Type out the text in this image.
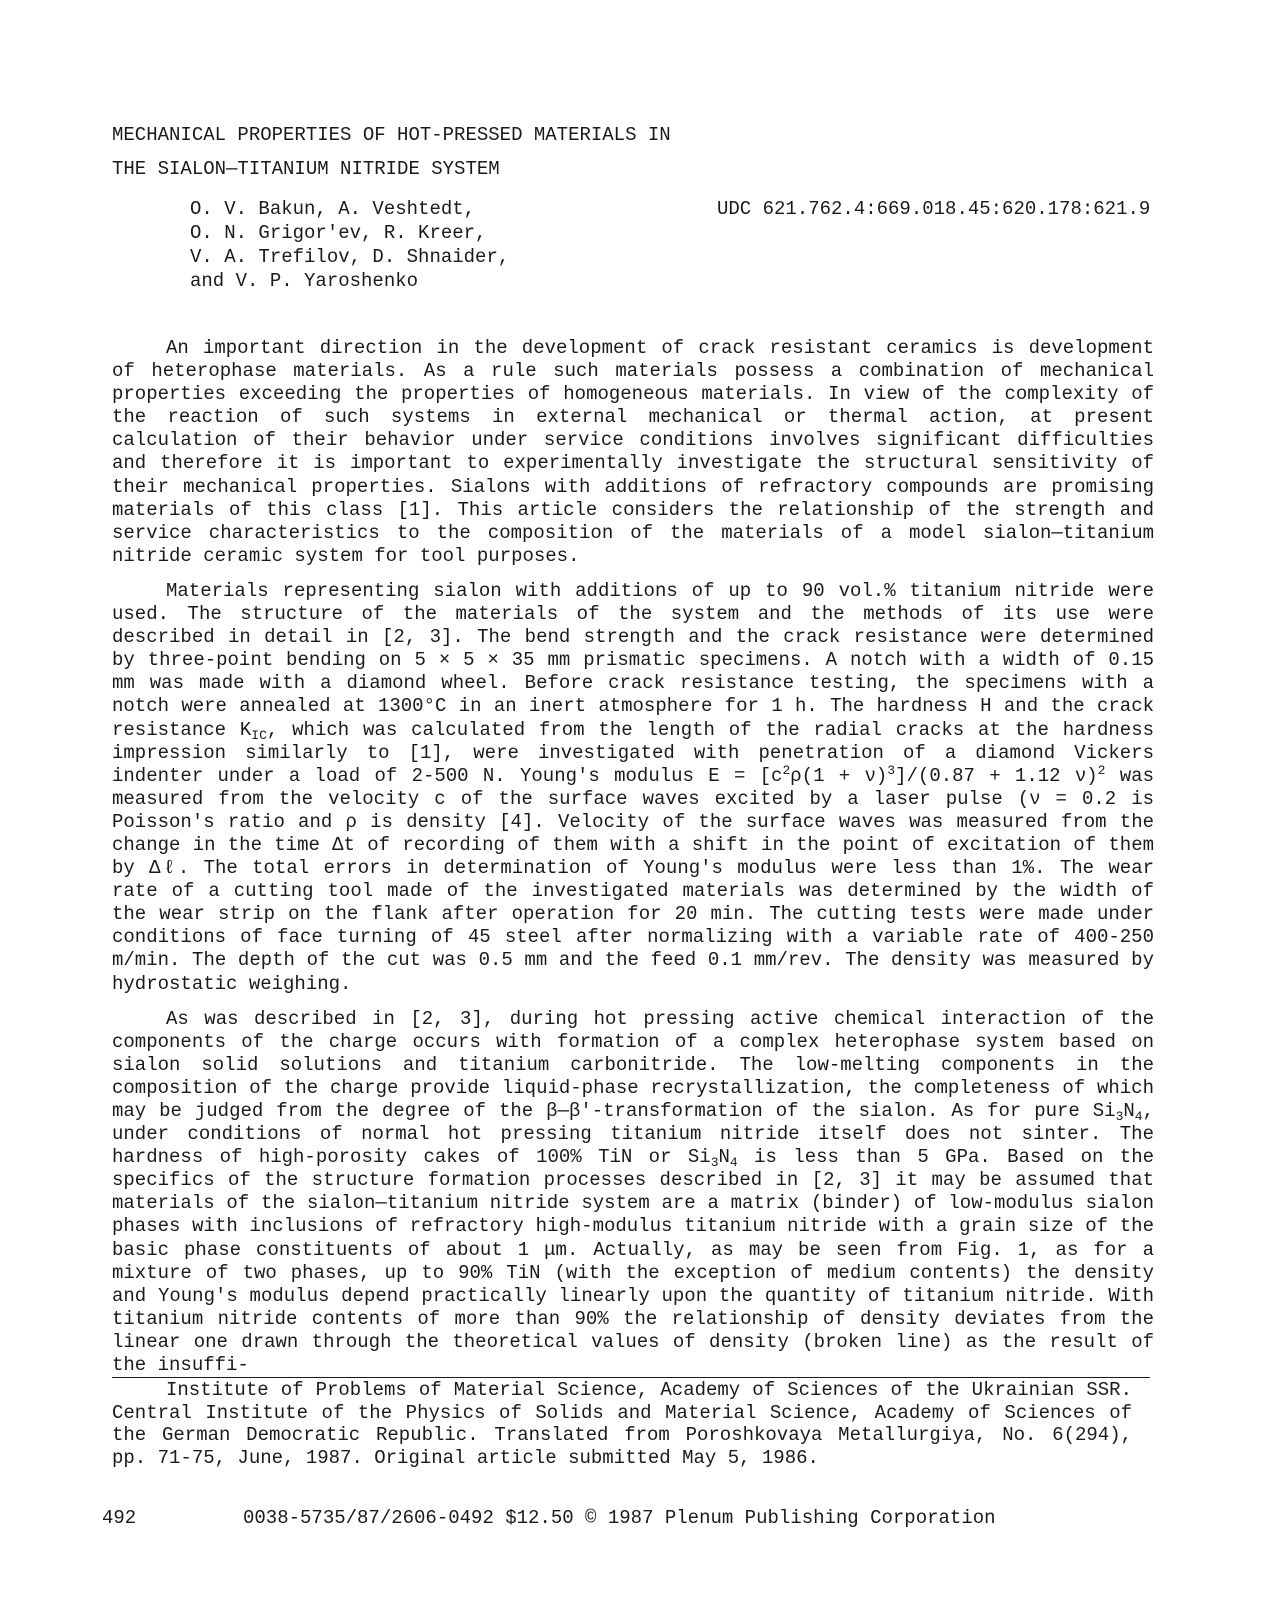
MECHANICAL PROPERTIES OF HOT-PRESSED MATERIALS IN
THE SIALON—TITANIUM NITRIDE SYSTEM
O. V. Bakun, A. Veshtedt,
O. N. Grigor'ev, R. Kreer,
V. A. Trefilov, D. Shnaider,
and V. P. Yaroshenko
UDC 621.762.4:669.018.45:620.178:621.9

An important direction in the development of crack resistant ceramics is development of heterophase materials. As a rule such materials possess a combination of mechanical properties exceeding the properties of homogeneous materials. In view of the complexity of the reaction of such systems in external mechanical or thermal action, at present calculation of their behavior under service conditions involves significant difficulties and therefore it is important to experimentally investigate the structural sensitivity of their mechanical properties. Sialons with additions of refractory compounds are promising materials of this class [1]. This article considers the relationship of the strength and service characteristics to the composition of the materials of a model sialon—titanium nitride ceramic system for tool purposes.

Materials representing sialon with additions of up to 90 vol.% titanium nitride were used. The structure of the materials of the system and the methods of its use were described in detail in [2, 3]. The bend strength and the crack resistance were determined by three-point bending on 5 × 5 × 35 mm prismatic specimens. A notch with a width of 0.15 mm was made with a diamond wheel. Before crack resistance testing, the specimens with a notch were annealed at 1300°C in an inert atmosphere for 1 h. The hardness H and the crack resistance $K_{IC}$, which was calculated from the length of the radial cracks at the hardness impression similarly to [1], were investigated with penetration of a diamond Vickers indenter under a load of 2-500 N. Young's modulus $E = [c^2\rho(1 + \nu)^3]/(0.87 + 1.12$ ν)$^2$ was measured from the velocity c of the surface waves excited by a laser pulse (ν = 0.2 is Poisson's ratio and ρ is density [4]. Velocity of the surface waves was measured from the change in the time Δt of recording of them with a shift in the point of excitation of them by Δℓ. The total errors in determination of Young's modulus were less than 1%. The wear rate of a cutting tool made of the investigated materials was determined by the width of the wear strip on the flank after operation for 20 min. The cutting tests were made under conditions of face turning of 45 steel after normalizing with a variable rate of 400-250 m/min. The depth of the cut was 0.5 mm and the feed 0.1 mm/rev. The density was measured by hydrostatic weighing.

As was described in [2, 3], during hot pressing active chemical interaction of the components of the charge occurs with formation of a complex heterophase system based on sialon solid solutions and titanium carbonitride. The low-melting components in the composition of the charge provide liquid-phase recrystallization, the completeness of which may be judged from the degree of the β—β'-transformation of the sialon. As for pure $Si_3N_4$, under conditions of normal hot pressing titanium nitride itself does not sinter. The hardness of high-porosity cakes of 100% TiN or $Si_3N_4$ is less than 5 GPa. Based on the specifics of the structure formation processes described in [2, 3] it may be assumed that materials of the sialon—titanium nitride system are a matrix (binder) of low-modulus sialon phases with inclusions of refractory high-modulus titanium nitride with a grain size of the basic phase constituents of about 1 μm. Actually, as may be seen from Fig. 1, as for a mixture of two phases, up to 90% TiN (with the exception of medium contents) the density and Young's modulus depend practically linearly upon the quantity of titanium nitride. With titanium nitride contents of more than 90% the relationship of density deviates from the linear one drawn through the theoretical values of density (broken line) as the result of the insuffi-

Institute of Problems of Material Science, Academy of Sciences of the Ukrainian SSR. Central Institute of the Physics of Solids and Material Science, Academy of Sciences of the German Democratic Republic. Translated from Poroshkovaya Metallurgiya, No. 6(294), pp. 71-75, June, 1987. Original article submitted May 5, 1986.

492	0038-5735/87/2606-0492 $12.50 © 1987 Plenum Publishing Corporation
